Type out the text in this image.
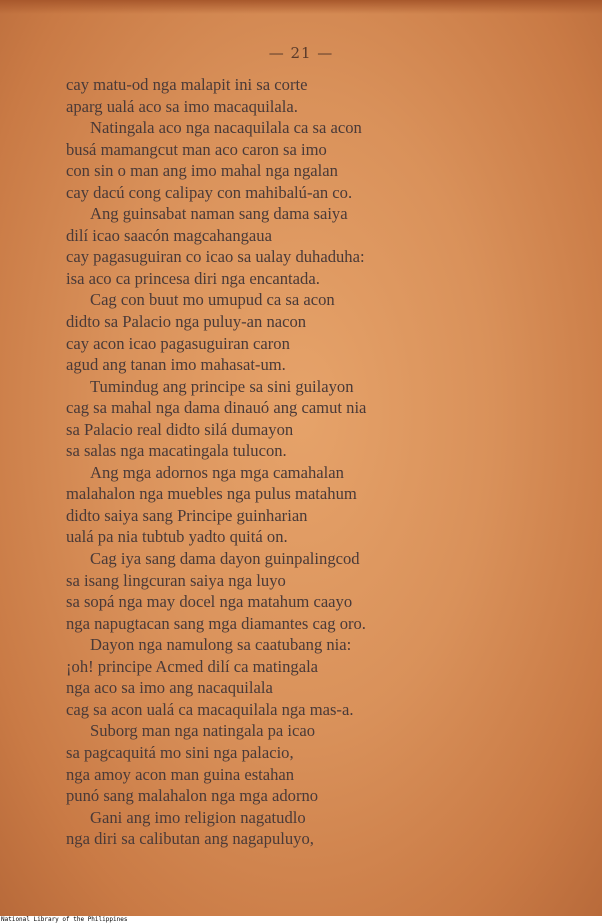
— 21 —
cay matu-od nga malapit ini sa corte
aparg ualá aco sa imo macaquilala.
Natingala aco nga nacaquilala ca sa acon
busá mamangcut man aco caron sa imo
con sin o man ang imo mahal nga ngalan
cay dacú cong calipay con mahibalú-an co.
Ang guinsabat naman sang dama saiya
dilí icao saacón magcahangaua
cay pagasuguiran co icao sa ualay duhaduha:
isa aco ca princesa diri nga encantada.
Cag con buut mo umupud ca sa acon
didto sa Palacio nga puluy-an nacon
cay acon icao pagasuguiran caron
agud ang tanan imo mahasat-um.
Tumindug ang principe sa sini guilayon
cag sa mahal nga dama dinauó ang camut nia
sa Palacio real didto silá dumayon
sa salas nga macatingala tulucon.
Ang mga adornos nga mga camahalan
malahalon nga muebles nga pulus matahum
didto saiya sang Principe guinharian
ualá pa nia tubtub yadto quitá on.
Cag iya sang dama dayon guinpalingcod
sa isang lingcuran saiya nga luyo
sa sopá nga may docel nga matahum caayo
nga napugtacan sang mga diamantes cag oro.
Dayon nga namulong sa caatubang nia:
¡oh! principe Acmed dilí ca matingala
nga aco sa imo ang nacaquilala
cag sa acon ualá ca macaquilala nga mas-a.
Suborg man nga natingala pa icao
sa pagcaquitá mo sini nga palacio,
nga amoy acon man guina estahan
punó sang malahalon nga mga adorno
Gani ang imo religion nagatudlo
nga diri sa calibutan ang nagapuluyo,
National Library of the Philippines
